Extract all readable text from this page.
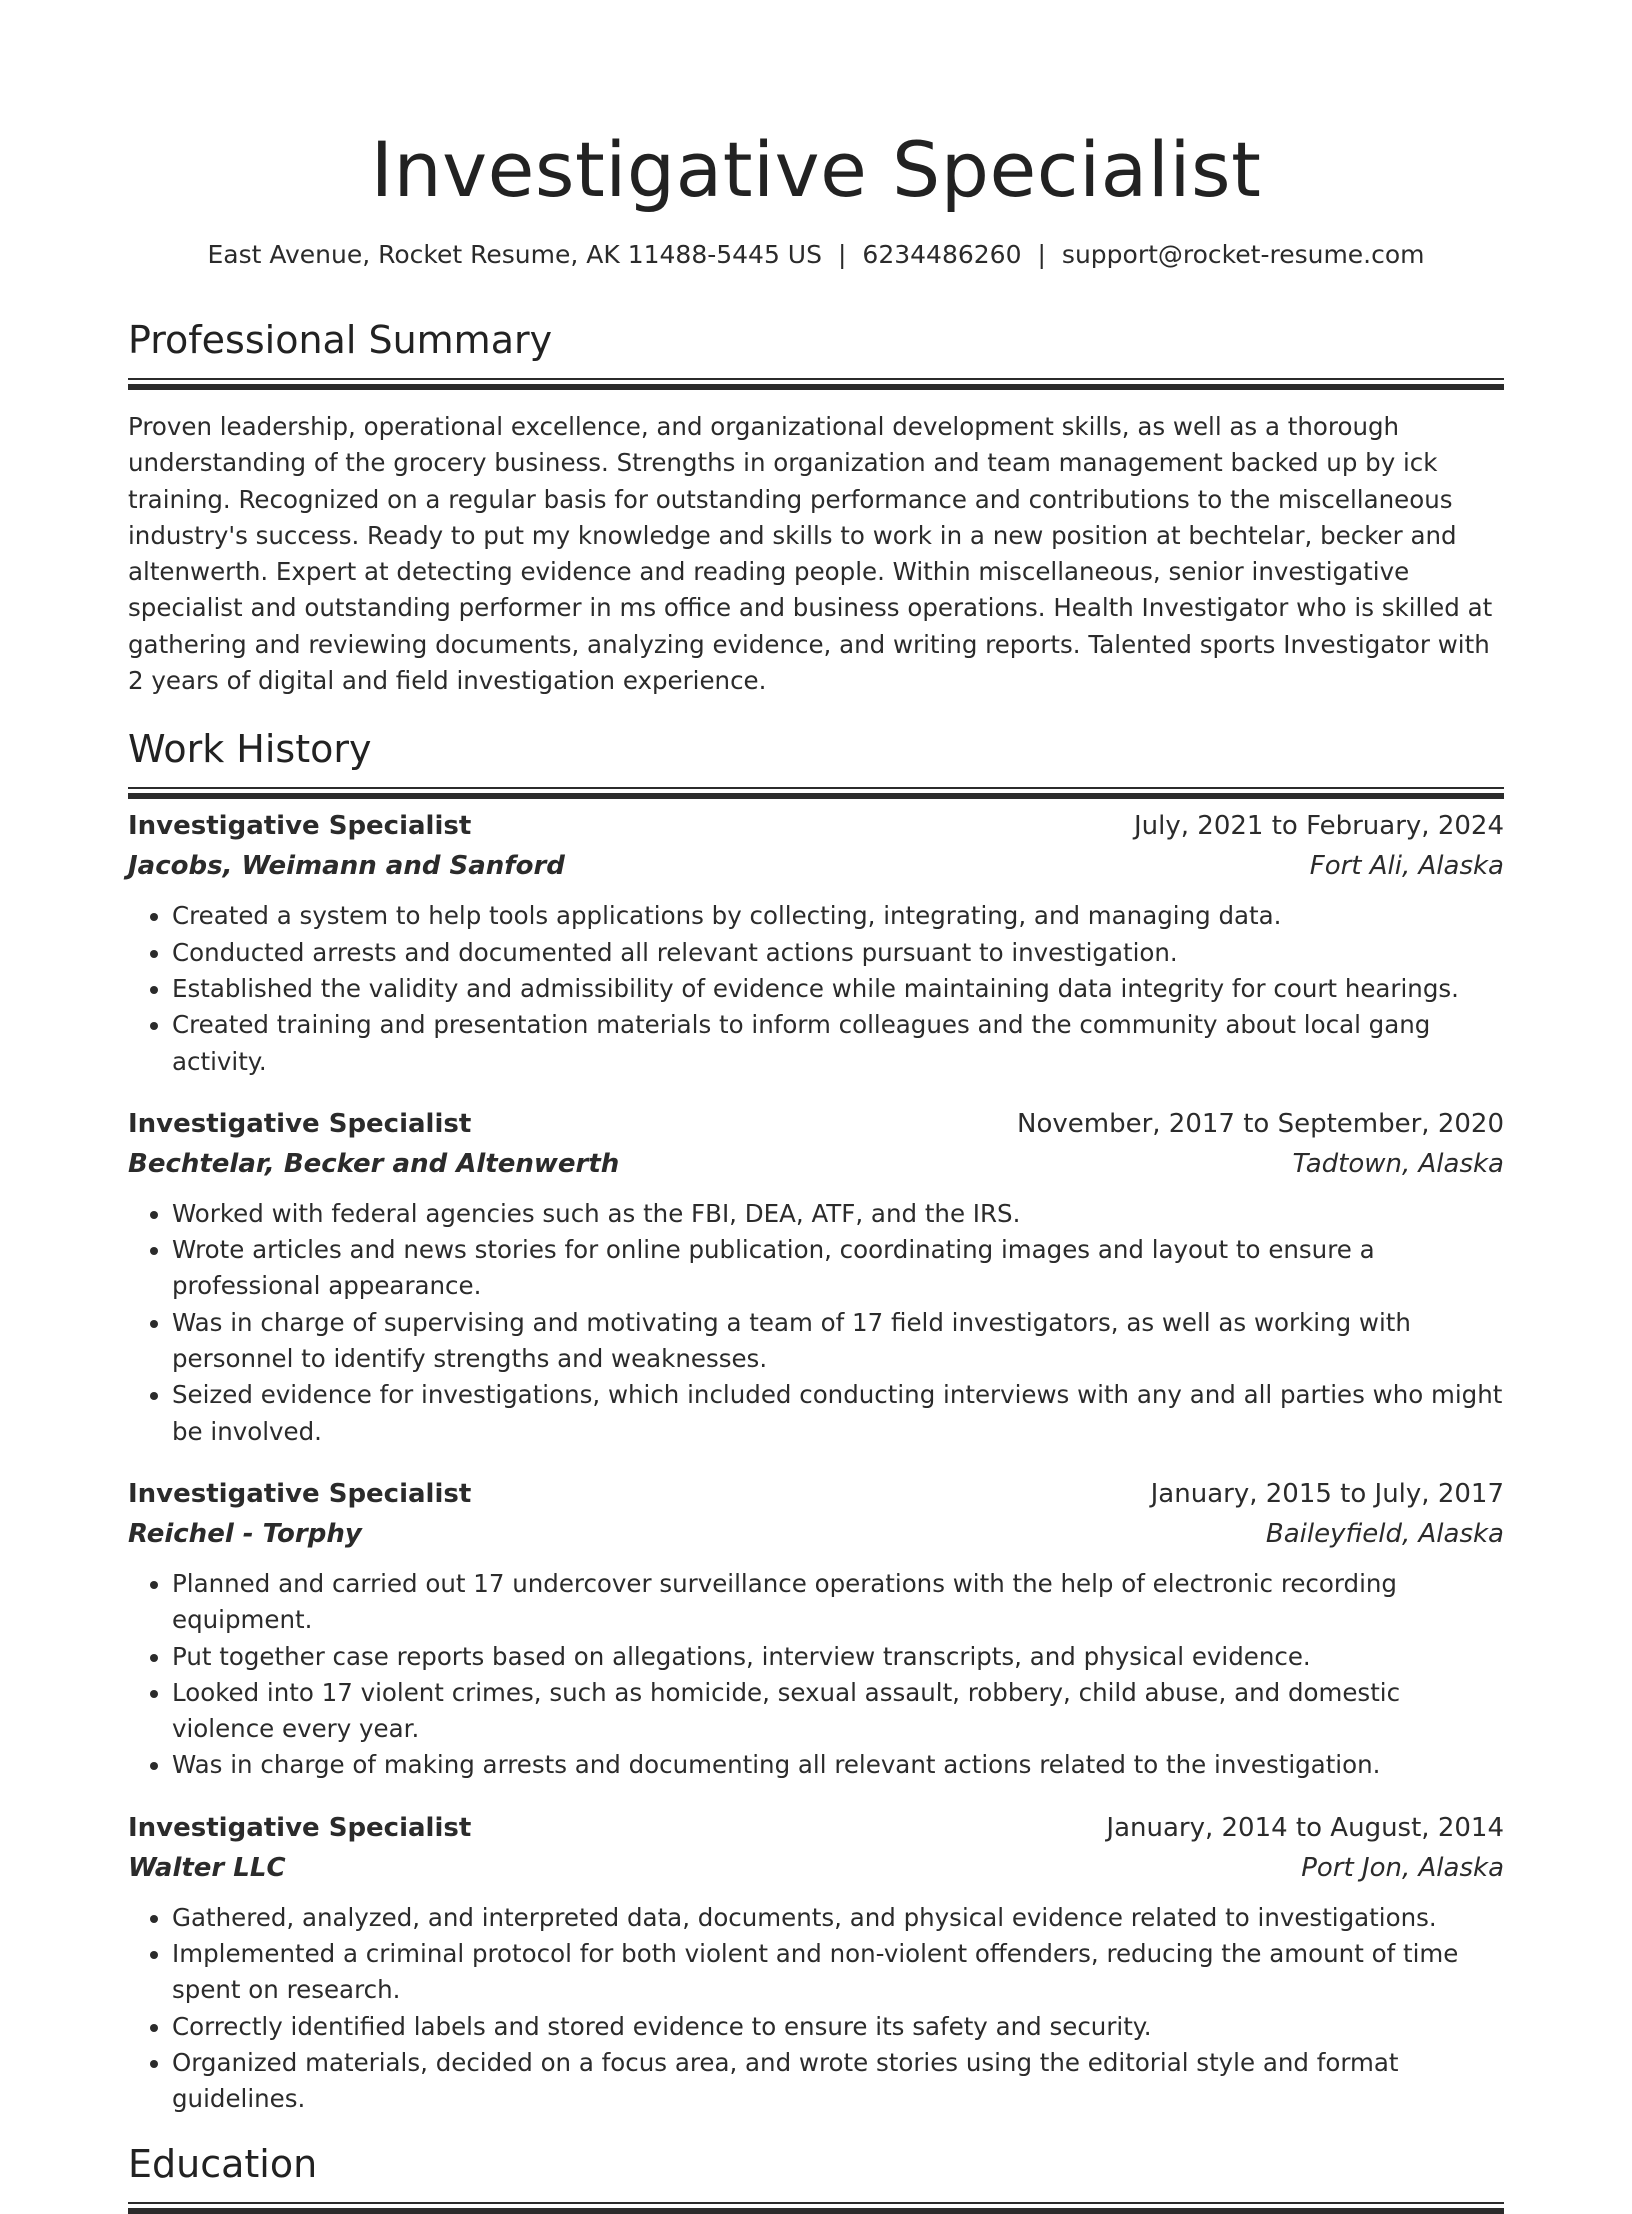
Investigative Specialist
East Avenue, Rocket Resume, AK 11488-5445 US | 6234486260 | support@rocket-resume.com
Professional Summary
Proven leadership, operational excellence, and organizational development skills, as well as a thorough understanding of the grocery business. Strengths in organization and team management backed up by ick training. Recognized on a regular basis for outstanding performance and contributions to the miscellaneous industry's success. Ready to put my knowledge and skills to work in a new position at bechtelar, becker and altenwerth. Expert at detecting evidence and reading people. Within miscellaneous, senior investigative specialist and outstanding performer in ms office and business operations. Health Investigator who is skilled at gathering and reviewing documents, analyzing evidence, and writing reports. Talented sports Investigator with 2 years of digital and field investigation experience.
Work History
Investigative Specialist	July, 2021 to February, 2024
Jacobs, Weimann and Sanford	Fort Ali, Alaska
• Created a system to help tools applications by collecting, integrating, and managing data.
• Conducted arrests and documented all relevant actions pursuant to investigation.
• Established the validity and admissibility of evidence while maintaining data integrity for court hearings.
• Created training and presentation materials to inform colleagues and the community about local gang activity.
Investigative Specialist	November, 2017 to September, 2020
Bechtelar, Becker and Altenwerth	Tadtown, Alaska
• Worked with federal agencies such as the FBI, DEA, ATF, and the IRS.
• Wrote articles and news stories for online publication, coordinating images and layout to ensure a professional appearance.
• Was in charge of supervising and motivating a team of 17 field investigators, as well as working with personnel to identify strengths and weaknesses.
• Seized evidence for investigations, which included conducting interviews with any and all parties who might be involved.
Investigative Specialist	January, 2015 to July, 2017
Reichel - Torphy	Baileyfield, Alaska
• Planned and carried out 17 undercover surveillance operations with the help of electronic recording equipment.
• Put together case reports based on allegations, interview transcripts, and physical evidence.
• Looked into 17 violent crimes, such as homicide, sexual assault, robbery, child abuse, and domestic violence every year.
• Was in charge of making arrests and documenting all relevant actions related to the investigation.
Investigative Specialist	January, 2014 to August, 2014
Walter LLC	Port Jon, Alaska
• Gathered, analyzed, and interpreted data, documents, and physical evidence related to investigations.
• Implemented a criminal protocol for both violent and non-violent offenders, reducing the amount of time spent on research.
• Correctly identified labels and stored evidence to ensure its safety and security.
• Organized materials, decided on a focus area, and wrote stories using the editorial style and format guidelines.
Education
